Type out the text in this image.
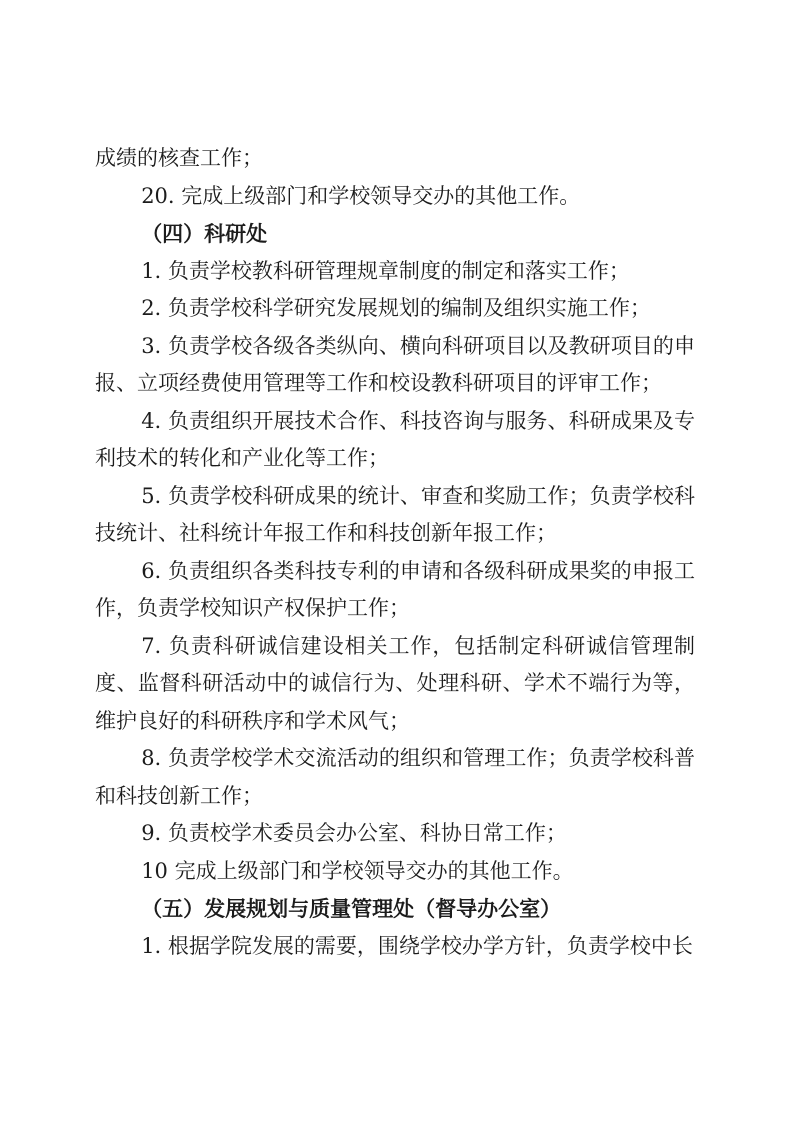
成绩的核查工作；

20. 完成上级部门和学校领导交办的其他工作。

（四）科研处

1. 负责学校教科研管理规章制度的制定和落实工作；

2. 负责学校科学研究发展规划的编制及组织实施工作；

3. 负责学校各级各类纵向、横向科研项目以及教研项目的申报、立项经费使用管理等工作和校设教科研项目的评审工作；

4. 负责组织开展技术合作、科技咨询与服务、科研成果及专利技术的转化和产业化等工作；

5. 负责学校科研成果的统计、审查和奖励工作；负责学校科技统计、社科统计年报工作和科技创新年报工作；

6. 负责组织各类科技专利的申请和各级科研成果奖的申报工作，负责学校知识产权保护工作；

7. 负责科研诚信建设相关工作，包括制定科研诚信管理制度、监督科研活动中的诚信行为、处理科研、学术不端行为等，维护良好的科研秩序和学术风气；

8. 负责学校学术交流活动的组织和管理工作；负责学校科普和科技创新工作；

9. 负责校学术委员会办公室、科协日常工作；

10 完成上级部门和学校领导交办的其他工作。

（五）发展规划与质量管理处（督导办公室）

1. 根据学院发展的需要，围绕学校办学方针，负责学校中长
